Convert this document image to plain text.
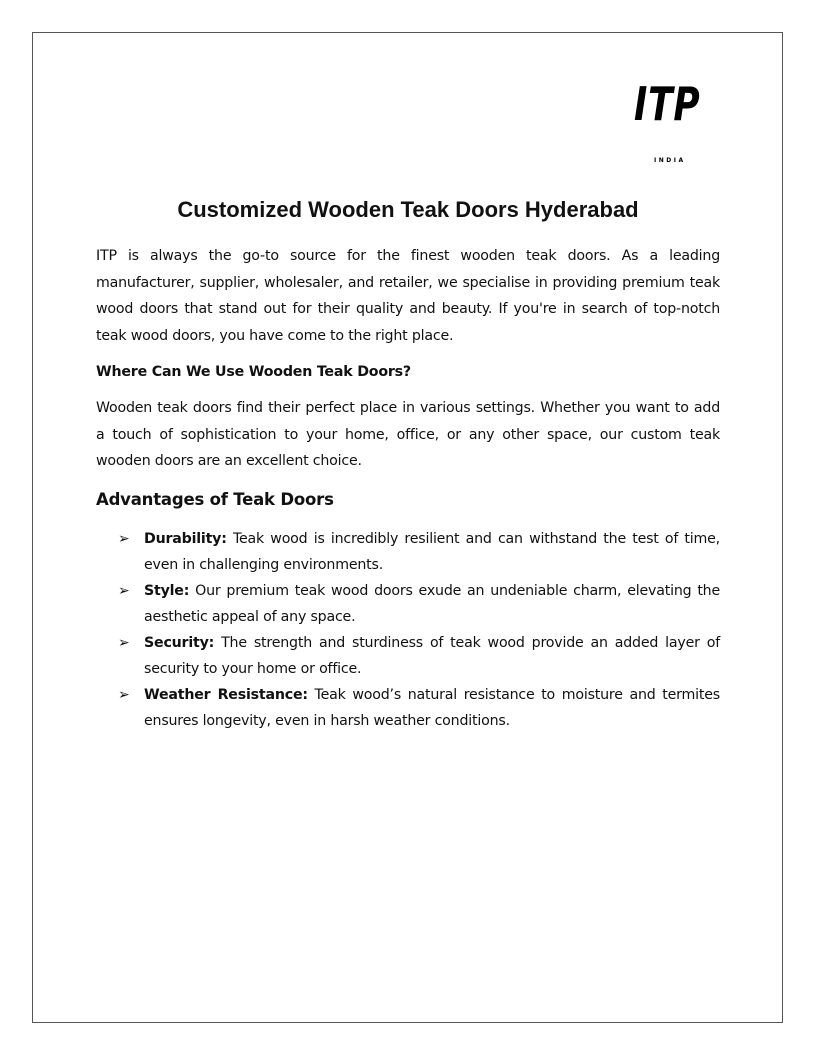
ITP
INDIA
Customized Wooden Teak Doors Hyderabad

ITP is always the go-to source for the finest wooden teak doors. As a leading manufacturer, supplier, wholesaler, and retailer, we specialise in providing premium teak wood doors that stand out for their quality and beauty. If you're in search of top-notch teak wood doors, you have come to the right place.

Where Can We Use Wooden Teak Doors?

Wooden teak doors find their perfect place in various settings. Whether you want to add a touch of sophistication to your home, office, or any other space, our custom teak wooden doors are an excellent choice.

Advantages of Teak Doors
➢ Durability: Teak wood is incredibly resilient and can withstand the test of time, even in challenging environments.
➢ Style: Our premium teak wood doors exude an undeniable charm, elevating the aesthetic appeal of any space.
➢ Security: The strength and sturdiness of teak wood provide an added layer of security to your home or office.
➢ Weather Resistance: Teak wood’s natural resistance to moisture and termites ensures longevity, even in harsh weather conditions.
